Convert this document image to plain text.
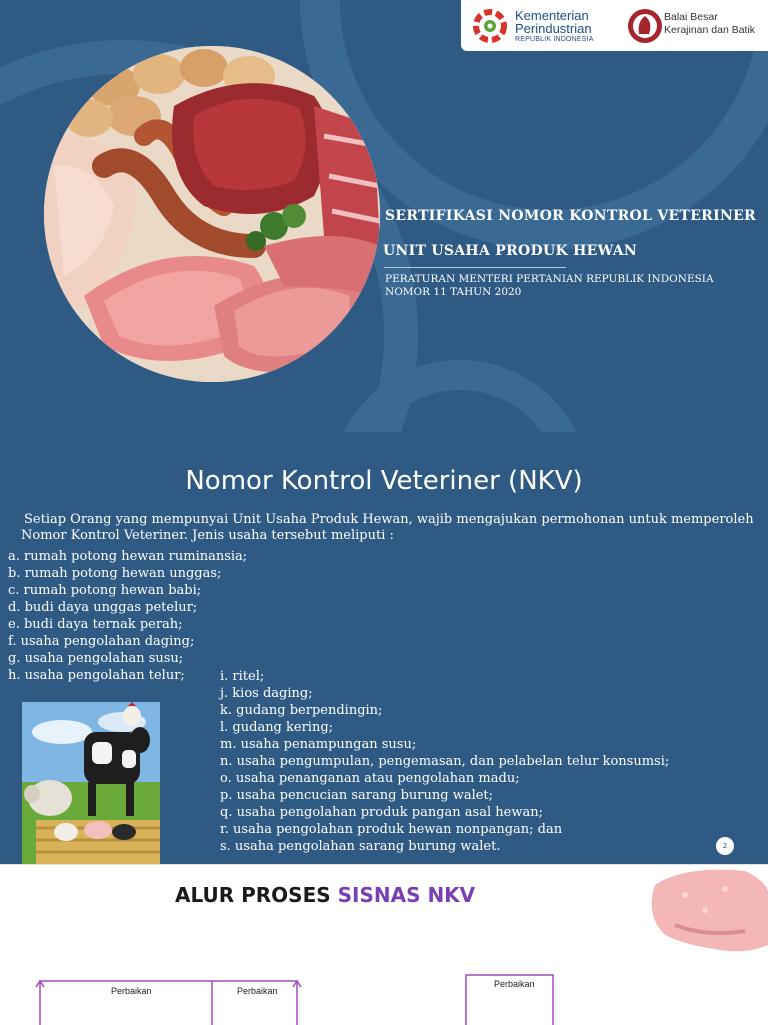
Kementerian
Perindustrian
REPUBLIK INDONESIA
Balai Besar
Kerajinan dan Batik
SERTIFIKASI NOMOR KONTROL VETERINER
UNIT USAHA PRODUK HEWAN
PERATURAN MENTERI PERTANIAN REPUBLIK INDONESIA
NOMOR 11 TAHUN 2020
Nomor Kontrol Veteriner (NKV)
Setiap Orang yang mempunyai Unit Usaha Produk Hewan, wajib mengajukan permohonan untuk memperoleh Nomor Kontrol Veteriner. Jenis usaha tersebut meliputi :
a. rumah potong hewan ruminansia;
b. rumah potong hewan unggas;
c. rumah potong hewan babi;
d. budi daya unggas petelur;
e. budi daya ternak perah;
f. usaha pengolahan daging;
g. usaha pengolahan susu;
h. usaha pengolahan telur;	i. ritel;
j. kios daging;
k. gudang berpendingin;
l. gudang kering;
m. usaha penampungan susu;
n. usaha pengumpulan, pengemasan, dan pelabelan telur konsumsi;
o. usaha penanganan atau pengolahan madu;
p. usaha pencucian sarang burung walet;
q. usaha pengolahan produk pangan asal hewan;
r. usaha pengolahan produk hewan nonpangan; dan
s. usaha pengolahan sarang burung walet.	2
ALUR PROSES SISNAS NKV
Perbaikan	Perbaikan
Perbaikan
